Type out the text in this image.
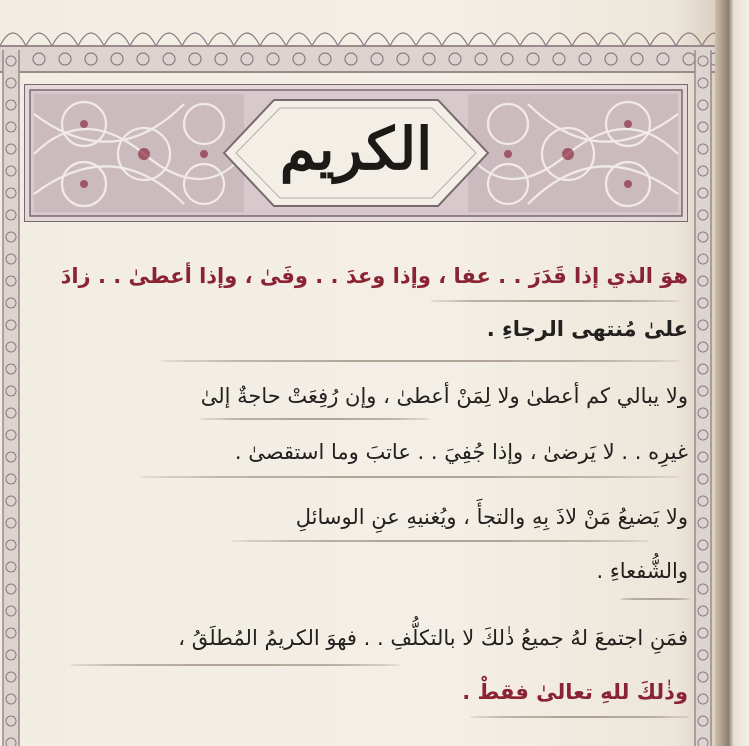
الكريم
هوَ الذي إذا قَدَرَ . . عفا ، وإذا وعدَ . . وفَىٰ ، وإذا أعطىٰ . . زادَ
علىٰ مُنتهى الرجاءِ .
ولا يبالي كم أعطىٰ ولا لِمَنْ أعطىٰ ، وإن رُفِعَتْ حاجةٌ إلىٰ
غيرِه . . لا يَرضىٰ ، وإذا جُفِيَ . . عاتبَ وما استقصىٰ .
ولا يَضيعُ مَنْ لاذَ بِهِ والتجأَ ، ويُغنيهِ عنِ الوسائلِ
والشُّفعاءِ .
فمَنِ اجتمعَ لهُ جميعُ ذٰلكَ لا بالتكلُّفِ . . فهوَ الكريمُ المُطلَقُ ،
وذٰلكَ للهِ تعالىٰ فقطْ .
